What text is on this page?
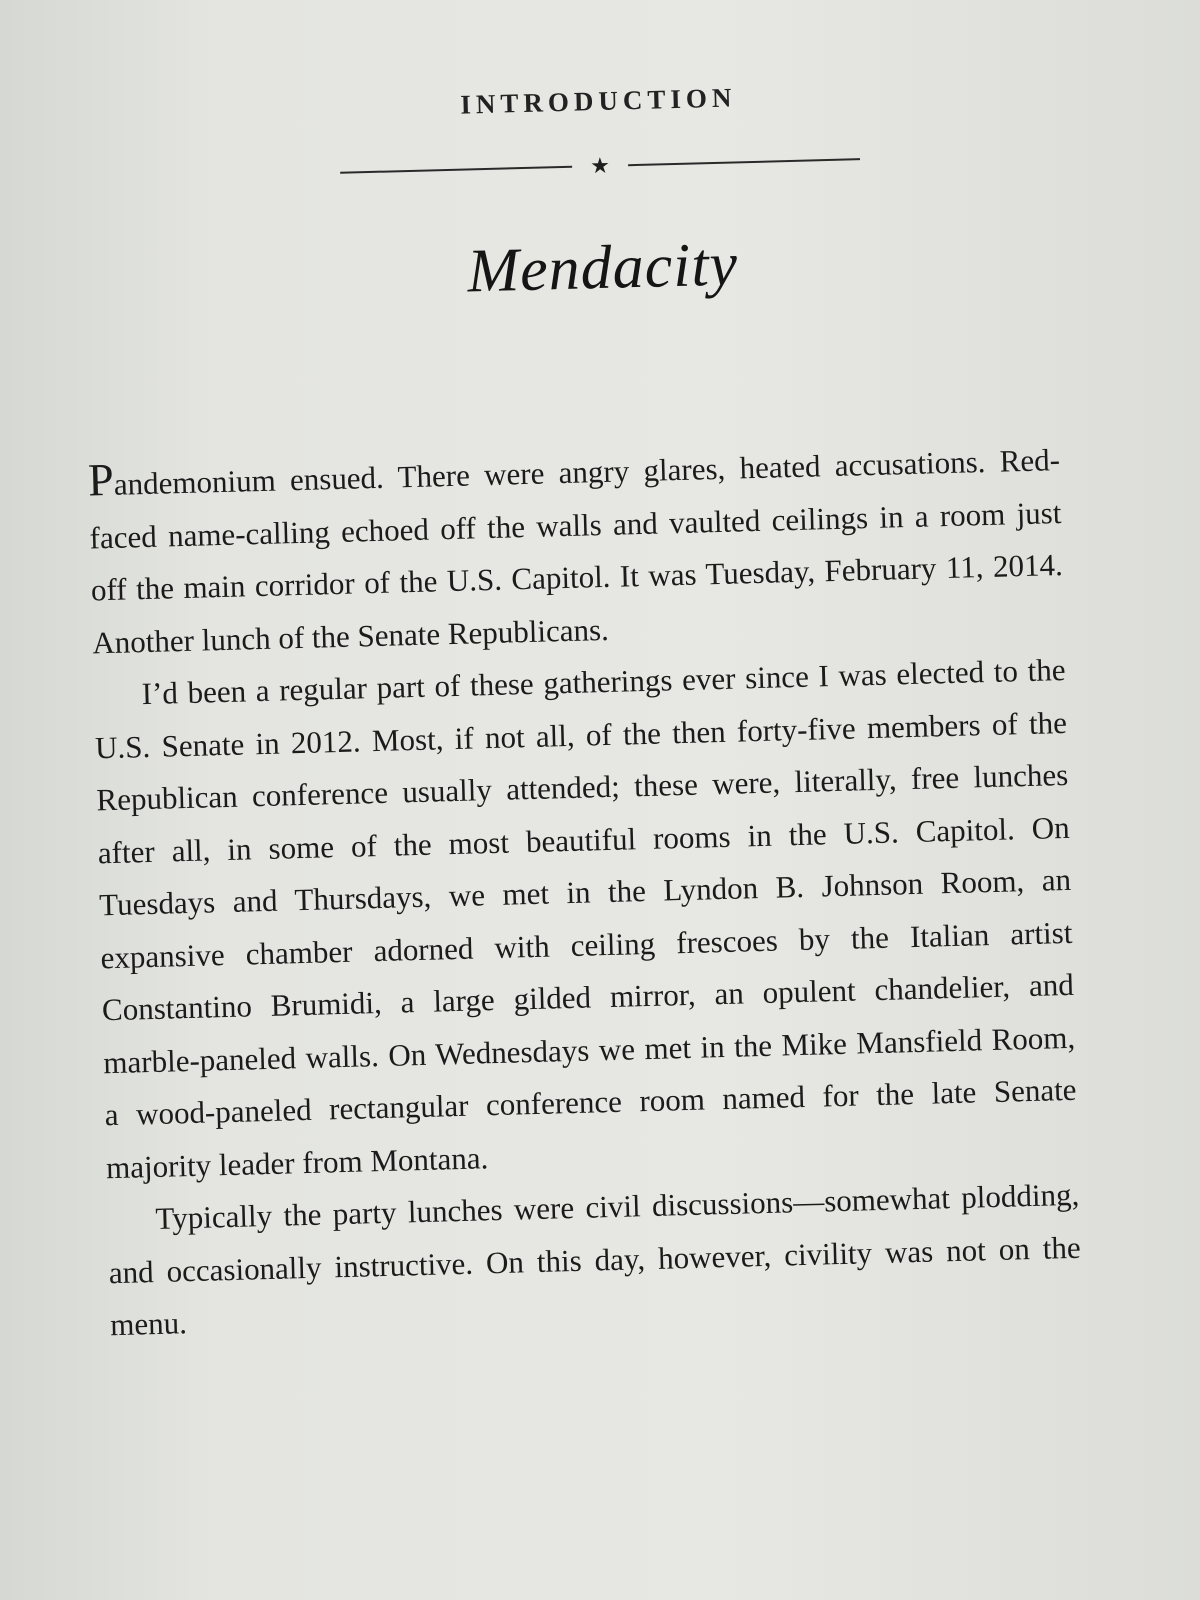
​
INTRODUCTION
★
Mendacity

Pandemonium ensued. There were angry glares, heated accusations. Red-faced name-calling echoed off the walls and vaulted ceilings in a room just off the main corridor of the U.S. Capitol. It was Tuesday, February 11, 2014. Another lunch of the Senate Republicans.

I’d been a regular part of these gatherings ever since I was elected to the U.S. Senate in 2012. Most, if not all, of the then forty-five members of the Republican conference usually attended; these were, literally, free lunches after all, in some of the most beautiful rooms in the U.S. Capitol. On Tuesdays and Thursdays, we met in the Lyndon B. Johnson Room, an expansive chamber adorned with ceiling frescoes by the Italian artist Constantino Brumidi, a large gilded mirror, an opulent chandelier, and marble-paneled walls. On Wednesdays we met in the Mike Mansfield Room, a wood-paneled rectangular conference room named for the late Senate majority leader from Montana.

Typically the party lunches were civil discussions—somewhat plodding, and occasionally instructive. On this day, however, civility was not on the menu.
